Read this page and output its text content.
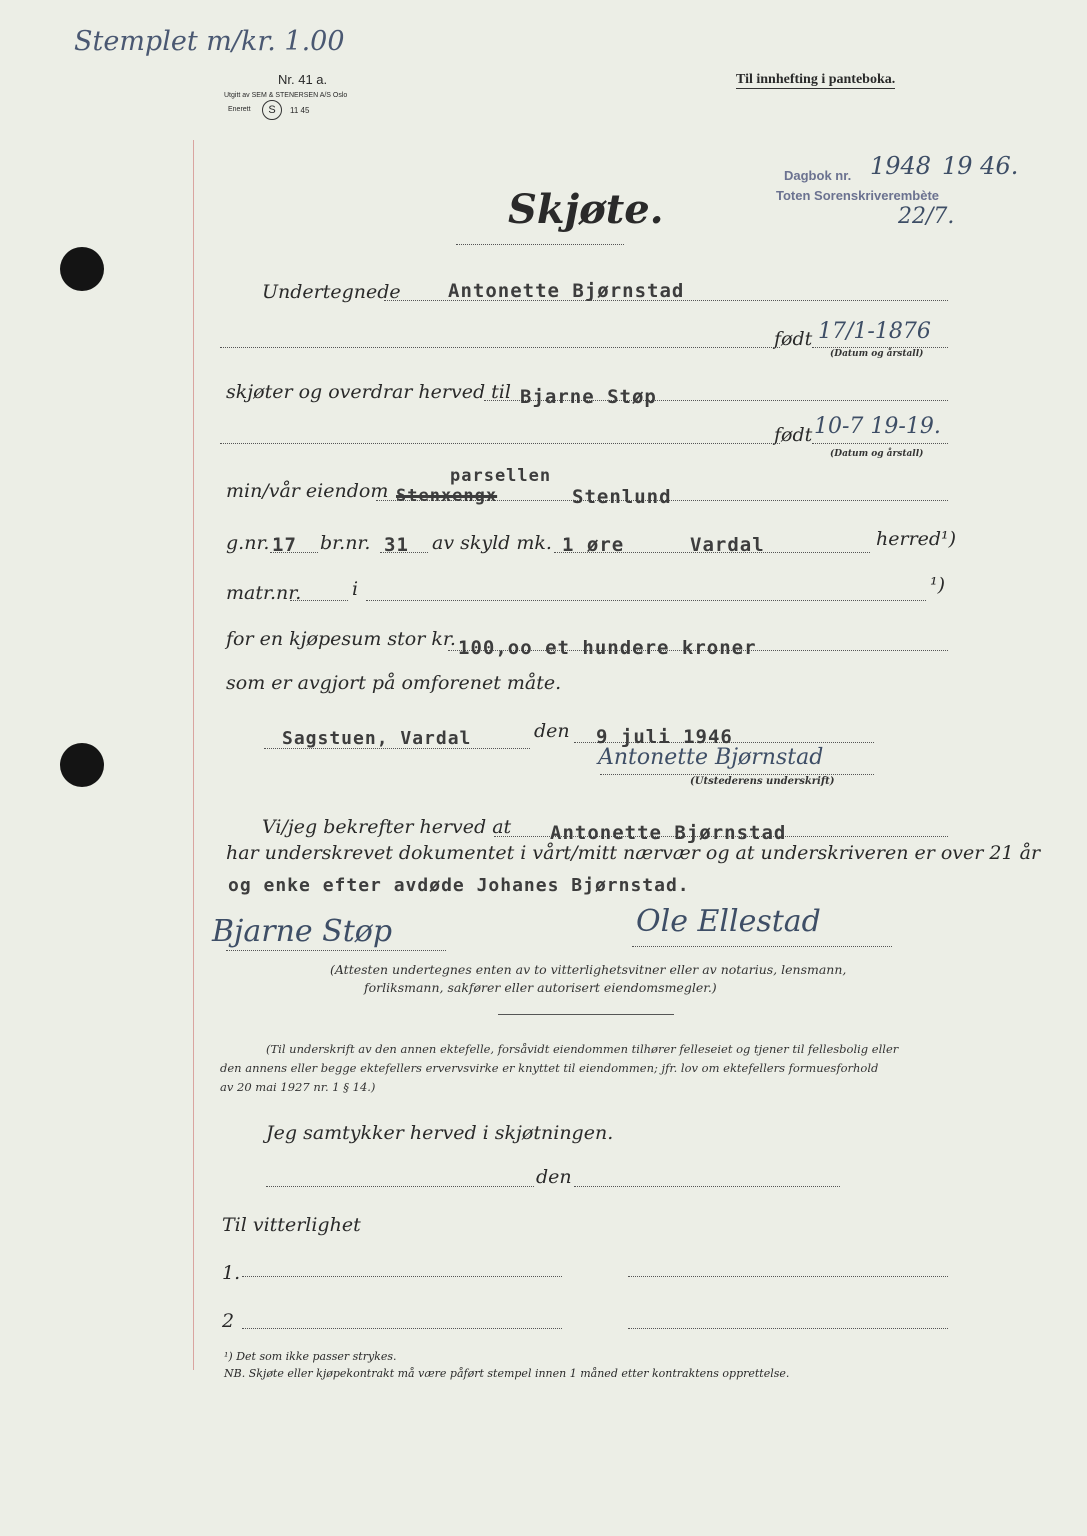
Stemplet m/kr. 1.00
Nr. 41 a.
Utgitt av SEM & STENERSEN A/S Oslo
Enerett	S	11 45
Til innhefting i panteboka.
Dagbok nr. 1948 19 46.
Toten Sorenskriverembète
22/7.
Skjøte.
Undertegnede Antonette Bjørnstad
født 17/1-1876
(Datum og årstall)
skjøter og overdrar herved til Bjarne Støp
født 10-7 19-19.
(Datum og årstall)
min/vår eiendom
parsellen
Stenxengx	Stenlund
g.nr. 17 br.nr. 31 av skyld mk. 1 øre	Vardal	herred¹)
matr.nr.	i	¹)
for en kjøpesum stor kr. 100,oo et hundere kroner
som er avgjort på omforenet måte.
Sagstuen, Vardal	den 9 juli 1946
Antonette Bjørnstad
(Utstederens underskrift)
Vi/jeg bekrefter herved at Antonette Bjørnstad
har underskrevet dokumentet i vårt/mitt nærvær og at underskriveren er over 21 år
og enke efter avdøde Johanes Bjørnstad.
Bjarne Støp	Ole Ellestad
(Attesten undertegnes enten av to vitterlighetsvitner eller av notarius, lensmann,
forliksmann, sakfører eller autorisert eiendomsmegler.)
(Til underskrift av den annen ektefelle, forsåvidt eiendommen tilhører felleseiet og tjener til fellesbolig eller
den annens eller begge ektefellers ervervsvirke er knyttet til eiendommen; jfr. lov om ektefellers formuesforhold
av 20 mai 1927 nr. 1 § 14.)
Jeg samtykker herved i skjøtningen.
den
Til vitterlighet
1.
2
¹) Det som ikke passer strykes.
NB. Skjøte eller kjøpekontrakt må være påført stempel innen 1 måned etter kontraktens opprettelse.
